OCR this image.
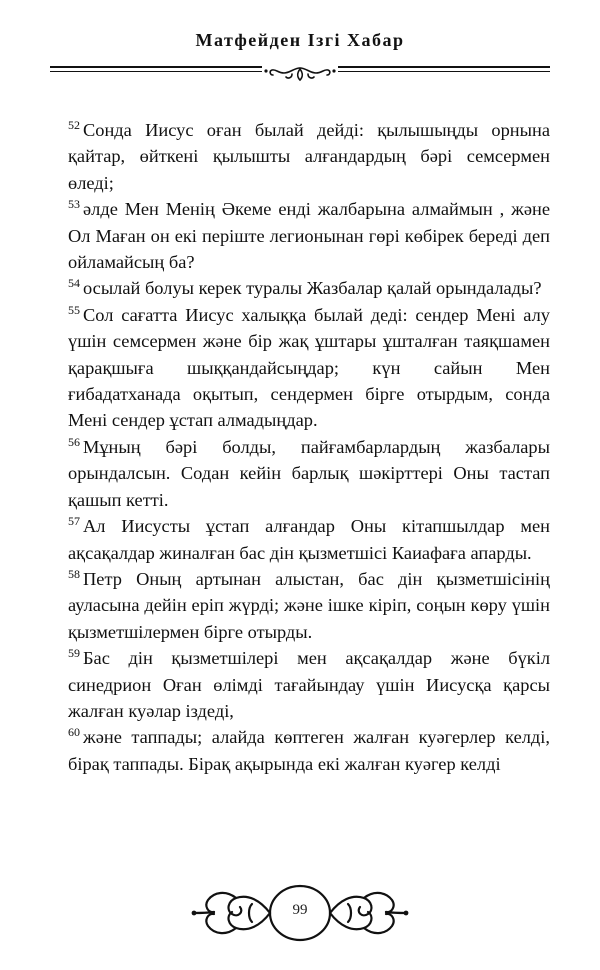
Матфейден Ізгі Хабар

$^{52}$ Сонда Иисус оған былай дейді: қылышыңды орнына қайтар, өйткені қылышты алғандардың бәрі семсермен өледі;

$^{53}$ әлде Мен Менің Әкеме енді жалбарына алмаймын , және Ол Маған он екі періште легионынан гөрі көбірек береді деп ойламайсың ба?

$^{54}$ осылай болуы керек туралы Жазбалар қалай орындалады?

$^{55}$ Сол сағатта Иисус халыққа былай деді: сендер Мені алу үшін семсермен және бір жақ ұштары ұшталған таяқшамен қарақшыға шыққандайсыңдар; күн сайын Мен ғибадатханада оқытып, сендермен бірге отырдым, сонда Мені сендер ұстап алмадыңдар.

$^{56}$ Мұның бәрі болды, пайғамбарлардың жазбалары орындалсын. Содан кейін барлық шәкірттері Оны тастап қашып кетті.

$^{57}$ Ал Иисусты ұстап алғандар Оны кітапшылдар мен ақсақалдар жиналған бас дін қызметшісі Каиафаға апарды.

$^{58}$ Петр Оның артынан алыстан, бас дін қызметшісінің ауласына дейін еріп жүрді; және ішке кіріп, соңын көру үшін қызметшілермен бірге отырды.

$^{59}$ Бас дін қызметшілері мен ақсақалдар және бүкіл синедрион Оған өлімді тағайындау үшін Иисусқа қарсы жалған куәлар іздеді,

$^{60}$ және таппады; алайда көптеген жалған куәгерлер келді, бірақ таппады. Бірақ ақырында екі жалған куәгер келді

99
